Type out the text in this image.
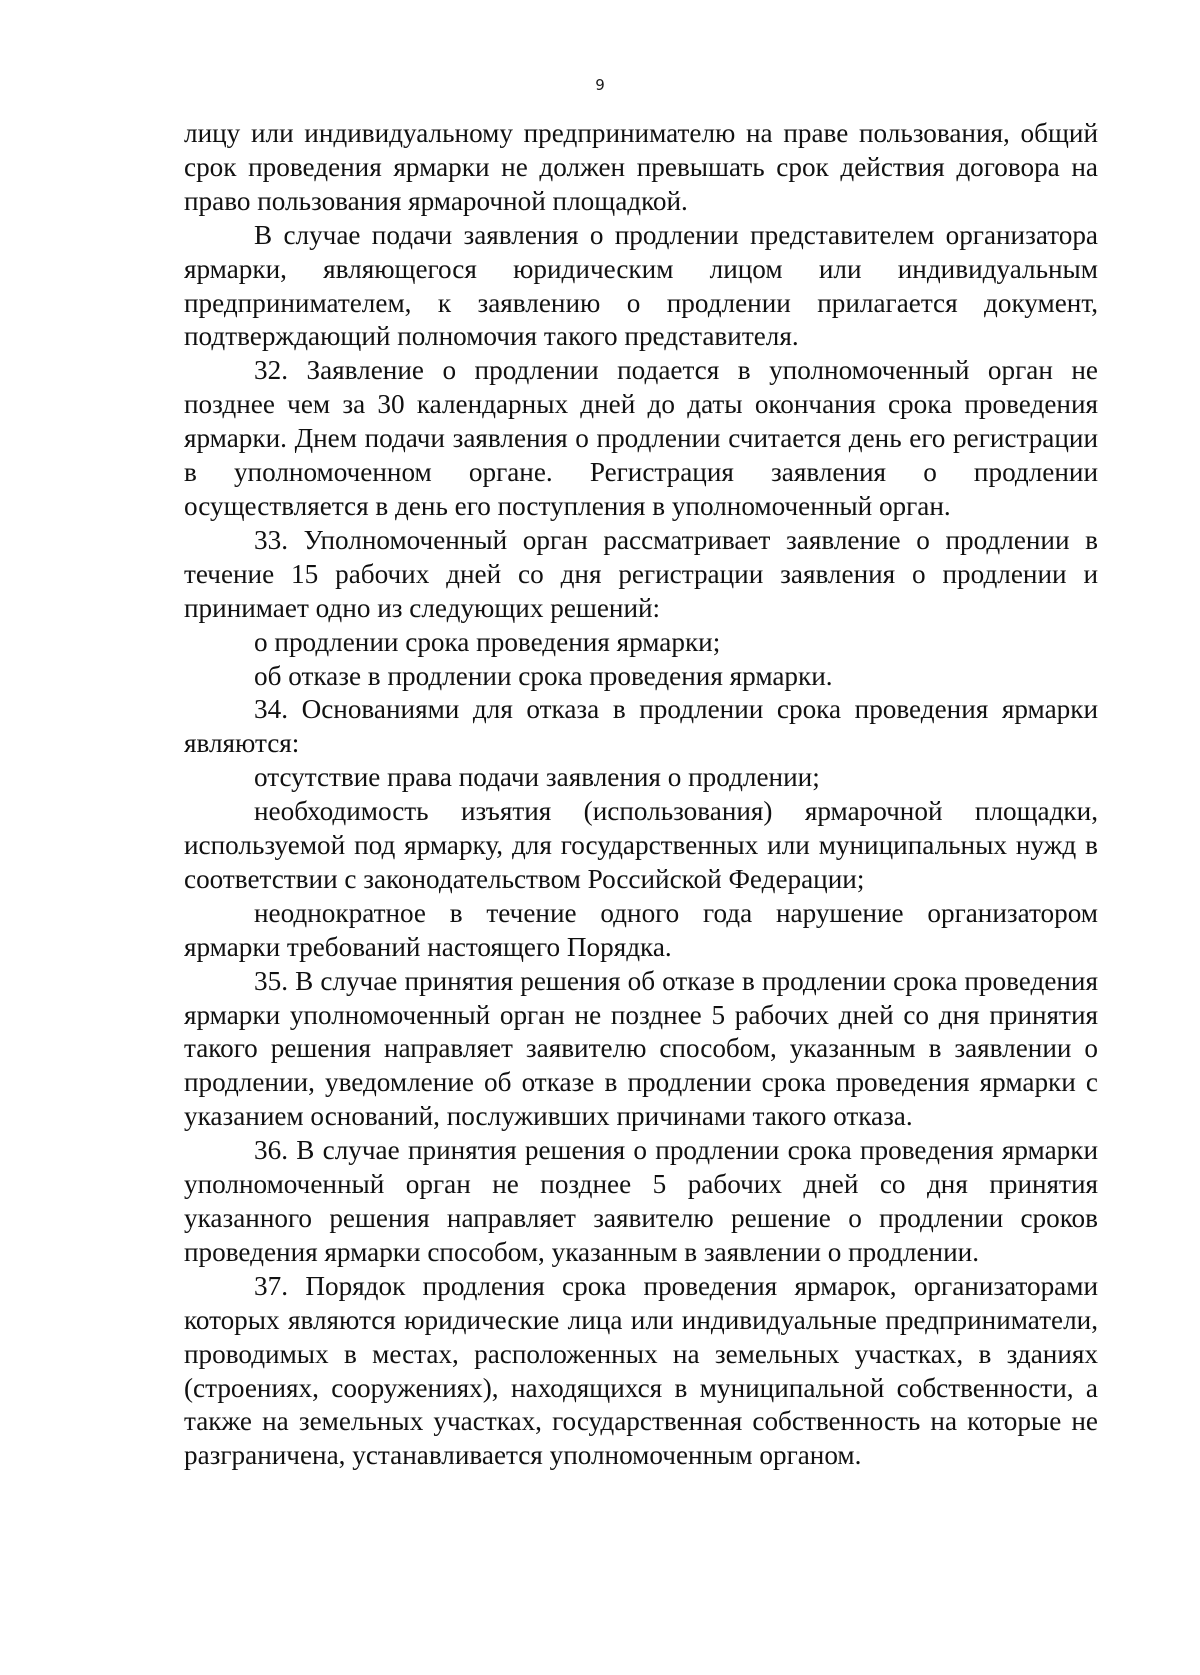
9

лицу или индивидуальному предпринимателю на праве пользования, общий срок проведения ярмарки не должен превышать срок действия договора на право пользования ярмарочной площадкой.

В случае подачи заявления о продлении представителем организатора ярмарки, являющегося юридическим лицом или индивидуальным предпринимателем, к заявлению о продлении прилагается документ, подтверждающий полномочия такого представителя.

32. Заявление о продлении подается в уполномоченный орган не позднее чем за 30 календарных дней до даты окончания срока проведения ярмарки. Днем подачи заявления о продлении считается день его регистрации в уполномоченном органе. Регистрация заявления о продлении осуществляется в день его поступления в уполномоченный орган.

33. Уполномоченный орган рассматривает заявление о продлении в течение 15 рабочих дней со дня регистрации заявления о продлении и принимает одно из следующих решений:

о продлении срока проведения ярмарки;

об отказе в продлении срока проведения ярмарки.

34. Основаниями для отказа в продлении срока проведения ярмарки являются:

отсутствие права подачи заявления о продлении;

необходимость изъятия (использования) ярмарочной площадки, используемой под ярмарку, для государственных или муниципальных нужд в соответствии с законодательством Российской Федерации;

неоднократное в течение одного года нарушение организатором ярмарки требований настоящего Порядка.

35. В случае принятия решения об отказе в продлении срока проведения ярмарки уполномоченный орган не позднее 5 рабочих дней со дня принятия такого решения направляет заявителю способом, указанным в заявлении о продлении, уведомление об отказе в продлении срока проведения ярмарки с указанием оснований, послуживших причинами такого отказа.

36. В случае принятия решения о продлении срока проведения ярмарки уполномоченный орган не позднее 5 рабочих дней со дня принятия указанного решения направляет заявителю решение о продлении сроков проведения ярмарки способом, указанным в заявлении о продлении.

37. Порядок продления срока проведения ярмарок, организаторами которых являются юридические лица или индивидуальные предприниматели, проводимых в местах, расположенных на земельных участках, в зданиях (строениях, сооружениях), находящихся в муниципальной собственности, а также на земельных участках, государственная собственность на которые не разграничена, устанавливается уполномоченным органом.
